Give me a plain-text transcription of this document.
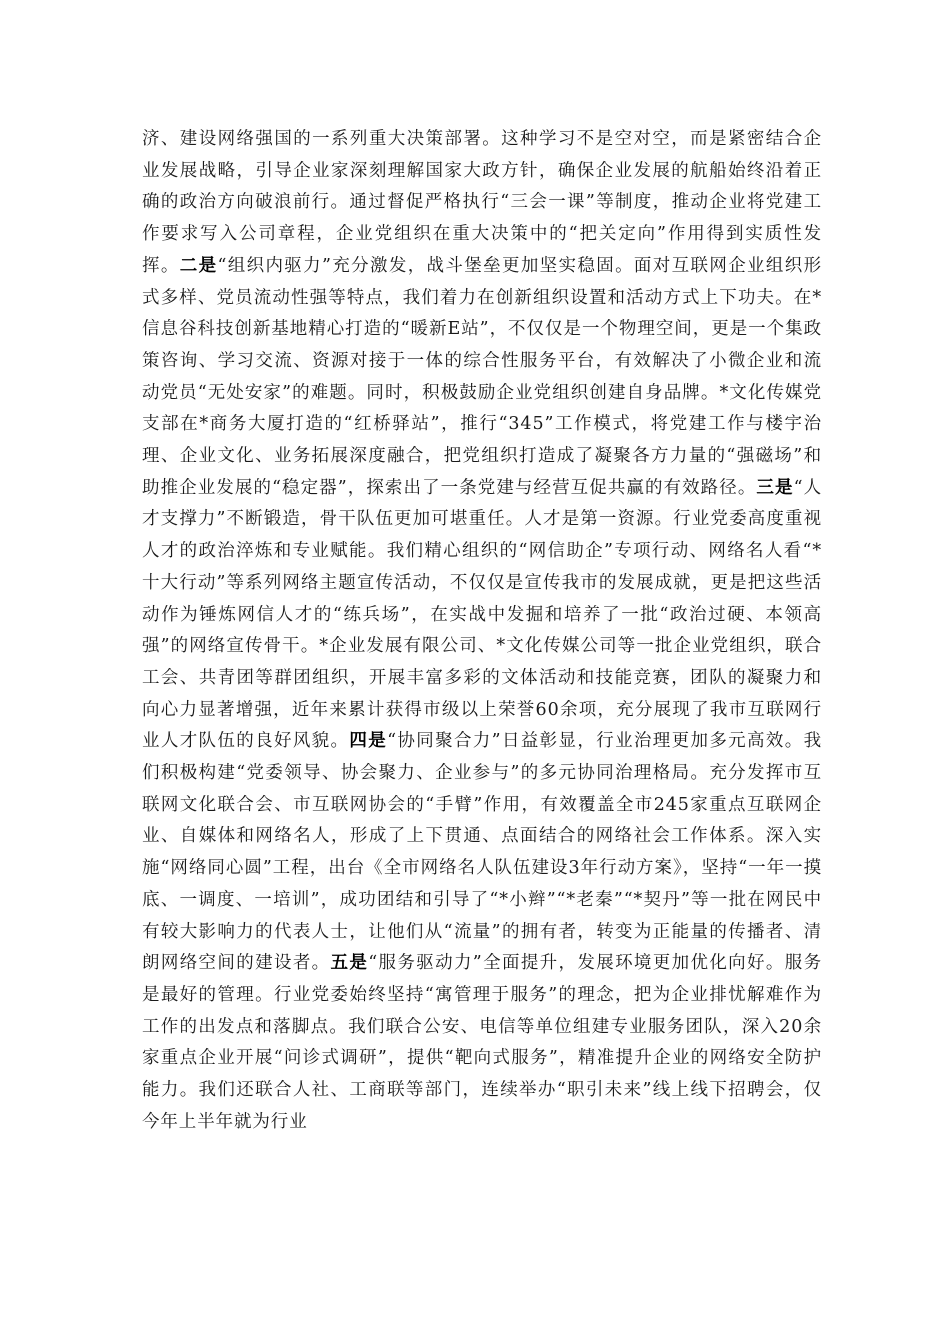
济、建设网络强国的一系列重大决策部署。这种学习不是空对空，而是紧密结合企业发展战略，引导企业家深刻理解国家大政方针，确保企业发展的航船始终沿着正确的政治方向破浪前行。通过督促严格执行“三会一课”等制度，推动企业将党建工作要求写入公司章程，企业党组织在重大决策中的“把关定向”作用得到实质性发挥。二是“组织内驱力”充分激发，战斗堡垒更加坚实稳固。面对互联网企业组织形式多样、党员流动性强等特点，我们着力在创新组织设置和活动方式上下功夫。在*信息谷科技创新基地精心打造的“暖新E站”，不仅仅是一个物理空间，更是一个集政策咨询、学习交流、资源对接于一体的综合性服务平台，有效解决了小微企业和流动党员“无处安家”的难题。同时，积极鼓励企业党组织创建自身品牌。*文化传媒党支部在*商务大厦打造的“红桥驿站”，推行“345”工作模式，将党建工作与楼宇治理、企业文化、业务拓展深度融合，把党组织打造成了凝聚各方力量的“强磁场”和助推企业发展的“稳定器”，探索出了一条党建与经营互促共赢的有效路径。三是“人才支撑力”不断锻造，骨干队伍更加可堪重任。人才是第一资源。行业党委高度重视人才的政治淬炼和专业赋能。我们精心组织的“网信助企”专项行动、网络名人看“*十大行动”等系列网络主题宣传活动，不仅仅是宣传我市的发展成就，更是把这些活动作为锤炼网信人才的“练兵场”，在实战中发掘和培养了一批“政治过硬、本领高强”的网络宣传骨干。*企业发展有限公司、*文化传媒公司等一批企业党组织，联合工会、共青团等群团组织，开展丰富多彩的文体活动和技能竞赛，团队的凝聚力和向心力显著增强，近年来累计获得市级以上荣誉60余项，充分展现了我市互联网行业人才队伍的良好风貌。四是“协同聚合力”日益彰显，行业治理更加多元高效。我们积极构建“党委领导、协会聚力、企业参与”的多元协同治理格局。充分发挥市互联网文化联合会、市互联网协会的“手臂”作用，有效覆盖全市245家重点互联网企业、自媒体和网络名人，形成了上下贯通、点面结合的网络社会工作体系。深入实施“网络同心圆”工程，出台《全市网络名人队伍建设3年行动方案》，坚持“一年一摸底、一调度、一培训”，成功团结和引导了“*小辫”“*老秦”“*契丹”等一批在网民中有较大影响力的代表人士，让他们从“流量”的拥有者，转变为正能量的传播者、清朗网络空间的建设者。五是“服务驱动力”全面提升，发展环境更加优化向好。服务是最好的管理。行业党委始终坚持“寓管理于服务”的理念，把为企业排忧解难作为工作的出发点和落脚点。我们联合公安、电信等单位组建专业服务团队，深入20余家重点企业开展“问诊式调研”，提供“靶向式服务”，精准提升企业的网络安全防护能力。我们还联合人社、工商联等部门，连续举办“职引未来”线上线下招聘会，仅今年上半年就为行业
